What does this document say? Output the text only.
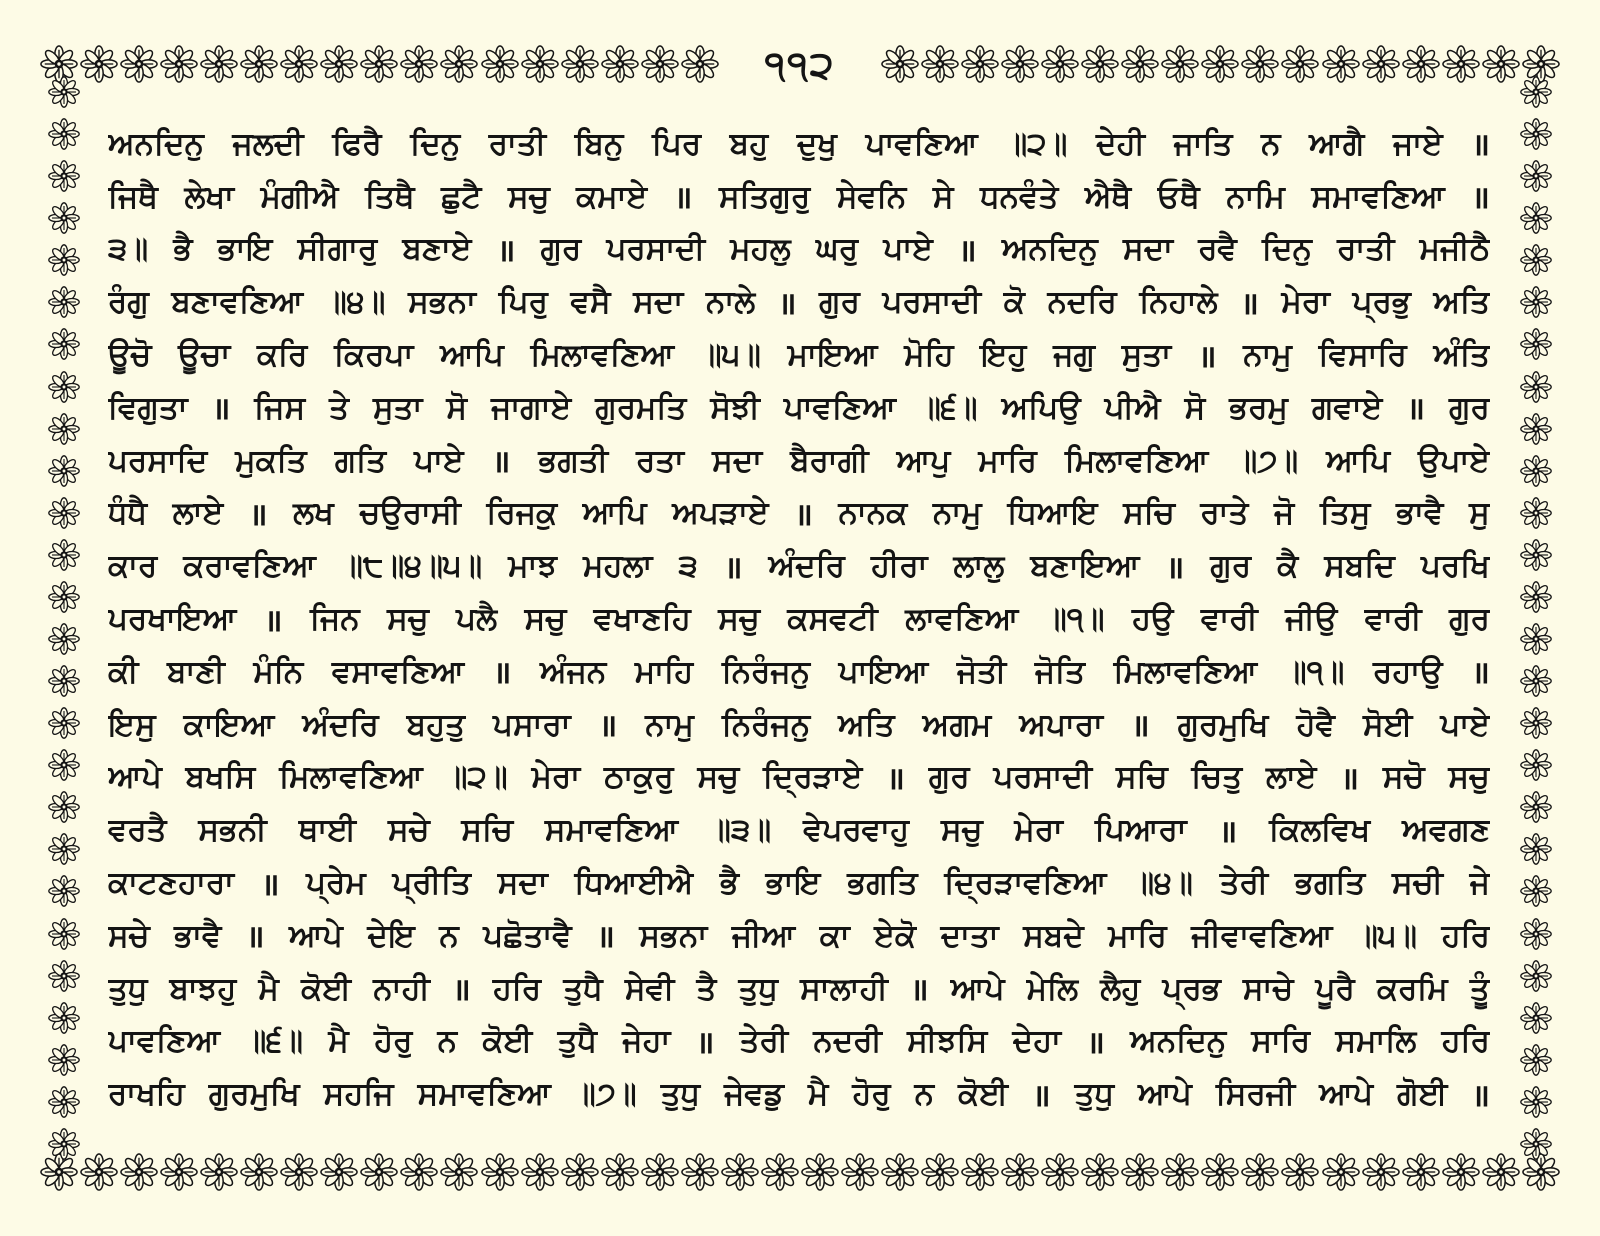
੧੧੨
ਅਨਦਿਨੁ ਜਲਦੀ ਫਿਰੈ ਦਿਨੁ ਰਾਤੀ ਬਿਨੁ ਪਿਰ ਬਹੁ ਦੁਖੁ ਪਾਵਣਿਆ ॥੨॥ ਦੇਹੀ ਜਾਤਿ ਨ ਆਗੈ ਜਾਏ ॥
ਜਿਥੈ ਲੇਖਾ ਮੰਗੀਐ ਤਿਥੈ ਛੁਟੈ ਸਚੁ ਕਮਾਏ ॥ ਸਤਿਗੁਰੁ ਸੇਵਨਿ ਸੇ ਧਨਵੰਤੇ ਐਥੈ ਓਥੈ ਨਾਮਿ ਸਮਾਵਣਿਆ ॥
੩॥ ਭੈ ਭਾਇ ਸੀਗਾਰੁ ਬਣਾਏ ॥ ਗੁਰ ਪਰਸਾਦੀ ਮਹਲੁ ਘਰੁ ਪਾਏ ॥ ਅਨਦਿਨੁ ਸਦਾ ਰਵੈ ਦਿਨੁ ਰਾਤੀ ਮਜੀਠੈ
ਰੰਗੁ ਬਣਾਵਣਿਆ ॥੪॥ ਸਭਨਾ ਪਿਰੁ ਵਸੈ ਸਦਾ ਨਾਲੇ ॥ ਗੁਰ ਪਰਸਾਦੀ ਕੋ ਨਦਰਿ ਨਿਹਾਲੇ ॥ ਮੇਰਾ ਪ੍ਰਭੁ ਅਤਿ
ਊਚੋ ਊਚਾ ਕਰਿ ਕਿਰਪਾ ਆਪਿ ਮਿਲਾਵਣਿਆ ॥੫॥ ਮਾਇਆ ਮੋਹਿ ਇਹੁ ਜਗੁ ਸੁਤਾ ॥ ਨਾਮੁ ਵਿਸਾਰਿ ਅੰਤਿ
ਵਿਗੁਤਾ ॥ ਜਿਸ ਤੇ ਸੁਤਾ ਸੋ ਜਾਗਾਏ ਗੁਰਮਤਿ ਸੋਝੀ ਪਾਵਣਿਆ ॥੬॥ ਅਪਿਉ ਪੀਐ ਸੋ ਭਰਮੁ ਗਵਾਏ ॥ ਗੁਰ
ਪਰਸਾਦਿ ਮੁਕਤਿ ਗਤਿ ਪਾਏ ॥ ਭਗਤੀ ਰਤਾ ਸਦਾ ਬੈਰਾਗੀ ਆਪੁ ਮਾਰਿ ਮਿਲਾਵਣਿਆ ॥੭॥ ਆਪਿ ਉਪਾਏ
ਧੰਧੈ ਲਾਏ ॥ ਲਖ ਚਉਰਾਸੀ ਰਿਜਕੁ ਆਪਿ ਅਪੜਾਏ ॥ ਨਾਨਕ ਨਾਮੁ ਧਿਆਇ ਸਚਿ ਰਾਤੇ ਜੋ ਤਿਸੁ ਭਾਵੈ ਸੁ
ਕਾਰ ਕਰਾਵਣਿਆ ॥੮॥੪॥੫॥ ਮਾਝ ਮਹਲਾ ੩ ॥ ਅੰਦਰਿ ਹੀਰਾ ਲਾਲੁ ਬਣਾਇਆ ॥ ਗੁਰ ਕੈ ਸਬਦਿ ਪਰਖਿ
ਪਰਖਾਇਆ ॥ ਜਿਨ ਸਚੁ ਪਲੈ ਸਚੁ ਵਖਾਣਹਿ ਸਚੁ ਕਸਵਟੀ ਲਾਵਣਿਆ ॥੧॥ ਹਉ ਵਾਰੀ ਜੀਉ ਵਾਰੀ ਗੁਰ
ਕੀ ਬਾਣੀ ਮੰਨਿ ਵਸਾਵਣਿਆ ॥ ਅੰਜਨ ਮਾਹਿ ਨਿਰੰਜਨੁ ਪਾਇਆ ਜੋਤੀ ਜੋਤਿ ਮਿਲਾਵਣਿਆ ॥੧॥ ਰਹਾਉ ॥
ਇਸੁ ਕਾਇਆ ਅੰਦਰਿ ਬਹੁਤੁ ਪਸਾਰਾ ॥ ਨਾਮੁ ਨਿਰੰਜਨੁ ਅਤਿ ਅਗਮ ਅਪਾਰਾ ॥ ਗੁਰਮੁਖਿ ਹੋਵੈ ਸੋਈ ਪਾਏ
ਆਪੇ ਬਖਸਿ ਮਿਲਾਵਣਿਆ ॥੨॥ ਮੇਰਾ ਠਾਕੁਰੁ ਸਚੁ ਦ੍ਰਿੜਾਏ ॥ ਗੁਰ ਪਰਸਾਦੀ ਸਚਿ ਚਿਤੁ ਲਾਏ ॥ ਸਚੋ ਸਚੁ
ਵਰਤੈ ਸਭਨੀ ਥਾਈ ਸਚੇ ਸਚਿ ਸਮਾਵਣਿਆ ॥੩॥ ਵੇਪਰਵਾਹੁ ਸਚੁ ਮੇਰਾ ਪਿਆਰਾ ॥ ਕਿਲਵਿਖ ਅਵਗਣ
ਕਾਟਣਹਾਰਾ ॥ ਪ੍ਰੇਮ ਪ੍ਰੀਤਿ ਸਦਾ ਧਿਆਈਐ ਭੈ ਭਾਇ ਭਗਤਿ ਦ੍ਰਿੜਾਵਣਿਆ ॥੪॥ ਤੇਰੀ ਭਗਤਿ ਸਚੀ ਜੇ
ਸਚੇ ਭਾਵੈ ॥ ਆਪੇ ਦੇਇ ਨ ਪਛੋਤਾਵੈ ॥ ਸਭਨਾ ਜੀਆ ਕਾ ਏਕੋ ਦਾਤਾ ਸਬਦੇ ਮਾਰਿ ਜੀਵਾਵਣਿਆ ॥੫॥ ਹਰਿ
ਤੁਧੁ ਬਾਝਹੁ ਮੈ ਕੋਈ ਨਾਹੀ ॥ ਹਰਿ ਤੁਧੈ ਸੇਵੀ ਤੈ ਤੁਧੁ ਸਾਲਾਹੀ ॥ ਆਪੇ ਮੇਲਿ ਲੈਹੁ ਪ੍ਰਭ ਸਾਚੇ ਪੂਰੈ ਕਰਮਿ ਤੂੰ
ਪਾਵਣਿਆ ॥੬॥ ਮੈ ਹੋਰੁ ਨ ਕੋਈ ਤੁਧੈ ਜੇਹਾ ॥ ਤੇਰੀ ਨਦਰੀ ਸੀਝਸਿ ਦੇਹਾ ॥ ਅਨਦਿਨੁ ਸਾਰਿ ਸਮਾਲਿ ਹਰਿ
ਰਾਖਹਿ ਗੁਰਮੁਖਿ ਸਹਜਿ ਸਮਾਵਣਿਆ ॥੭॥ ਤੁਧੁ ਜੇਵਡੁ ਮੈ ਹੋਰੁ ਨ ਕੋਈ ॥ ਤੁਧੁ ਆਪੇ ਸਿਰਜੀ ਆਪੇ ਗੋਈ ॥
